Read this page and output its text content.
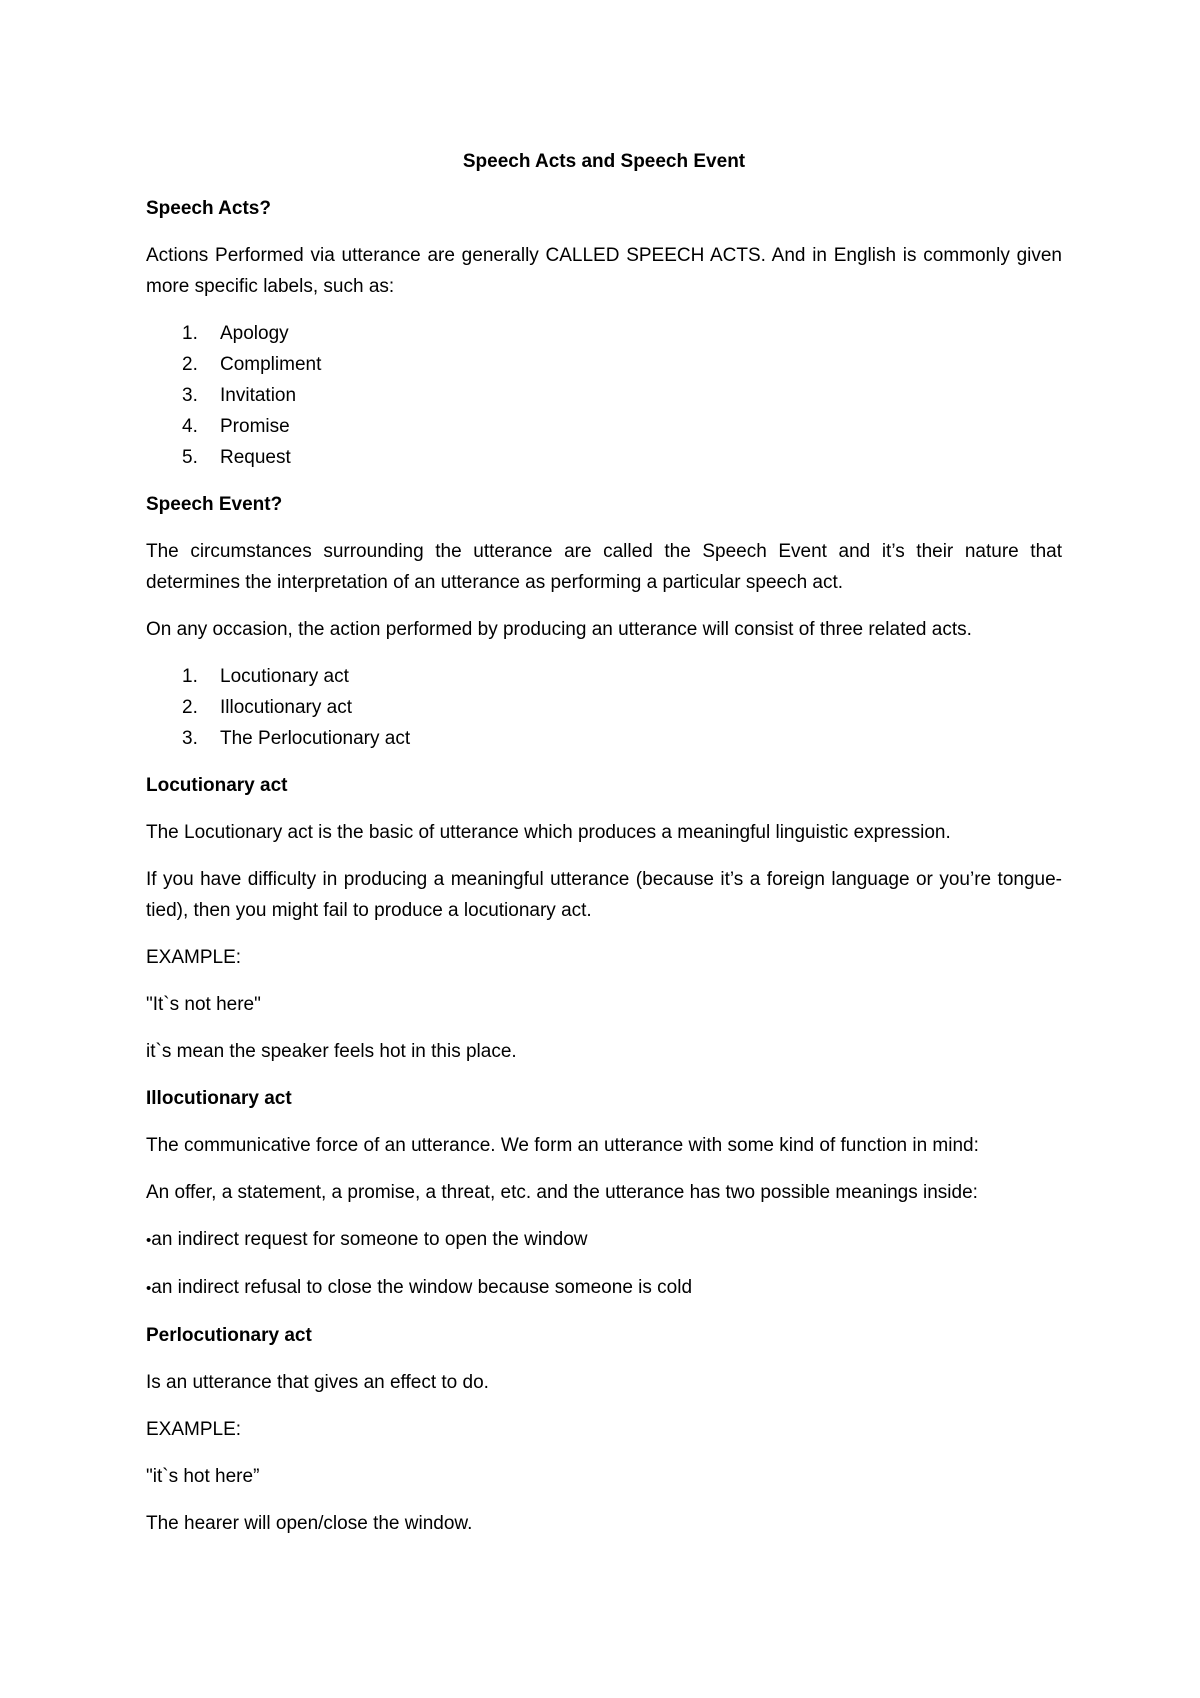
Speech Acts and Speech Event
Speech Acts?

Actions Performed via utterance are generally CALLED SPEECH ACTS. And in English is commonly given more specific labels, such as:

1. Apology
2. Compliment
3. Invitation
4. Promise
5. Request
Speech Event?

The circumstances surrounding the utterance are called the Speech Event and it’s their nature that determines the interpretation of an utterance as performing a particular speech act.

On any occasion, the action performed by producing an utterance will consist of three related acts.

1. Locutionary act
2. Illocutionary act
3. The Perlocutionary act
Locutionary act

The Locutionary act is the basic of utterance which produces a meaningful linguistic expression.

If you have difficulty in producing a meaningful utterance (because it’s a foreign language or you’re tongue-tied), then you might fail to produce a locutionary act.

EXAMPLE:

"It`s not here"

it`s mean the speaker feels hot in this place.

Illocutionary act

The communicative force of an utterance. We form an utterance with some kind of function in mind:

An offer, a statement, a promise, a threat, etc. and the utterance has two possible meanings inside:

•an indirect request for someone to open the window
•an indirect refusal to close the window because someone is cold
Perlocutionary act

Is an utterance that gives an effect to do.

EXAMPLE:

"it`s hot here”

The hearer will open/close the window.
